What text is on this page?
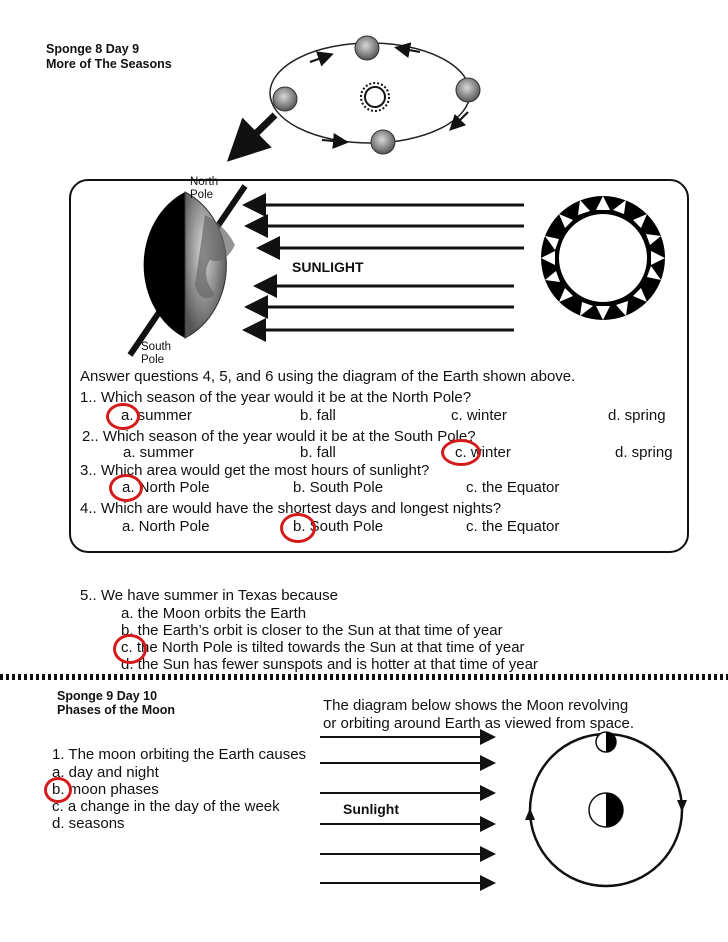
Sponge 8 Day 9
More of The Seasons
North
Pole
South
Pole
SUNLIGHT
Answer questions 4, 5, and 6 using the diagram of the Earth shown above.
1.. Which season of the year would it be at the North Pole?
a. summer	b. fall	c. winter	d. spring
2.. Which season of the year would it be at the South Pole?
a. summer	b. fall	c. winter	d. spring
3.. Which area would get the most hours of sunlight?
a. North Pole	b. South Pole	c. the Equator
4.. Which are would have the shortest days and longest nights?
a. North Pole	b. South Pole	c. the Equator
5.. We have summer in Texas because
a. the Moon orbits the Earth
b. the Earth’s orbit is closer to the Sun at that time of year
c. the North Pole is tilted towards the Sun at that time of year
d. the Sun has fewer sunspots and is hotter at that time of year
Sponge 9 Day 10
Phases of the Moon	The diagram below shows the Moon revolving
or orbiting around Earth as viewed from space.
1. The moon orbiting the Earth causes
a. day and night
b. moon phases
c. a change in the day of the week
d. seasons
Sunlight
